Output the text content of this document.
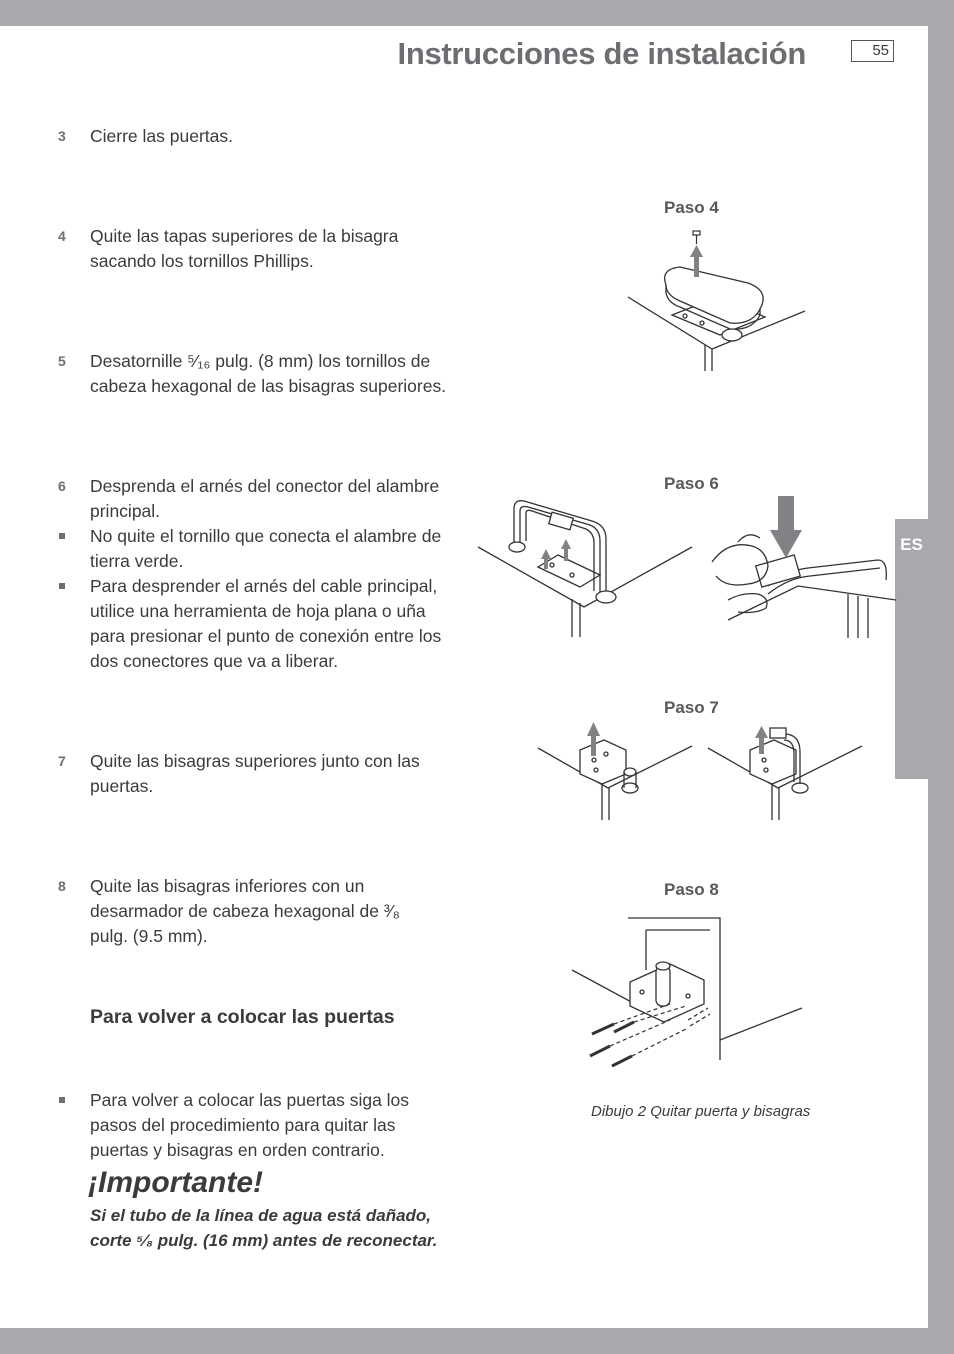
Instrucciones de instalación	55
ES
3 Cierre las puertas.
4 Quite las tapas superiores de la bisagra sacando los tornillos Phillips.
5 Desatornille ⁵⁄₁₆ pulg. (8 mm) los tornillos de cabeza hexagonal de las bisagras superiores.
6 Desprenda el arnés del conector del alambre principal.
No quite el tornillo que conecta el alambre de tierra verde.
Para desprender el arnés del cable principal, utilice una herramienta de hoja plana o uña para presionar el punto de conexión entre los dos conectores que va a liberar.
7 Quite las bisagras superiores junto con las puertas.
8 Quite las bisagras inferiores con un desarmador de cabeza hexagonal de ³⁄₈ pulg. (9.5 mm).
Para volver a colocar las puertas
Para volver a colocar las puertas siga los pasos del procedimiento para quitar las puertas y bisagras en orden contrario.
¡Importante!
Si el tubo de la línea de agua está dañado, corte ⁵⁄₈ pulg. (16 mm) antes de reconectar.
Paso 4
Paso 6
Paso 7
Paso 8
Dibujo 2 Quitar puerta y bisagras
